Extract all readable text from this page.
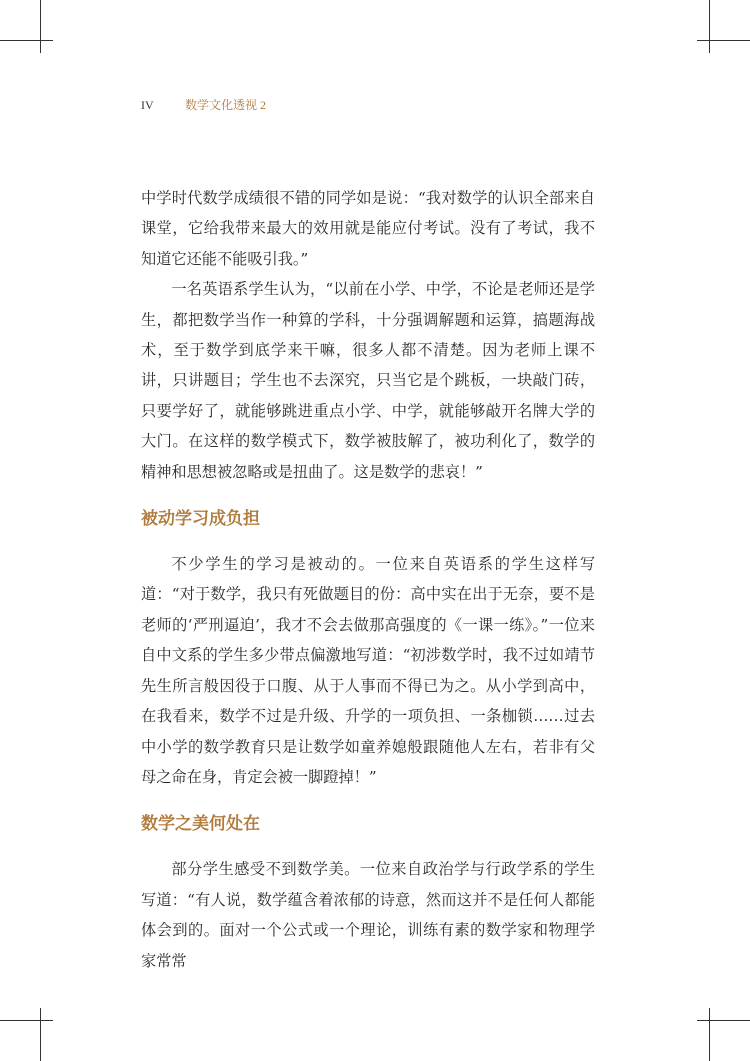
IV	数学文化透视 2

中学时代数学成绩很不错的同学如是说：“我对数学的认识全部来自课堂，它给我带来最大的效用就是能应付考试。没有了考试，我不知道它还能不能吸引我。”

一名英语系学生认为，“以前在小学、中学，不论是老师还是学生，都把数学当作一种算的学科，十分强调解题和运算，搞题海战术，至于数学到底学来干嘛，很多人都不清楚。因为老师上课不讲，只讲题目；学生也不去深究，只当它是个跳板，一块敲门砖，只要学好了，就能够跳进重点小学、中学，就能够敲开名牌大学的大门。在这样的数学模式下，数学被肢解了，被功利化了，数学的精神和思想被忽略或是扭曲了。这是数学的悲哀！”

被动学习成负担

不少学生的学习是被动的。一位来自英语系的学生这样写道：“对于数学，我只有死做题目的份：高中实在出于无奈，要不是老师的‘严刑逼迫’，我才不会去做那高强度的《一课一练》。”一位来自中文系的学生多少带点偏激地写道：“初涉数学时，我不过如靖节先生所言般因役于口腹、从于人事而不得已为之。从小学到高中，在我看来，数学不过是升级、升学的一项负担、一条枷锁……过去中小学的数学教育只是让数学如童养媳般跟随他人左右，若非有父母之命在身，肯定会被一脚蹬掉！”

数学之美何处在

部分学生感受不到数学美。一位来自政治学与行政学系的学生写道：“有人说，数学蕴含着浓郁的诗意，然而这并不是任何人都能体会到的。面对一个公式或一个理论，训练有素的数学家和物理学家常常
